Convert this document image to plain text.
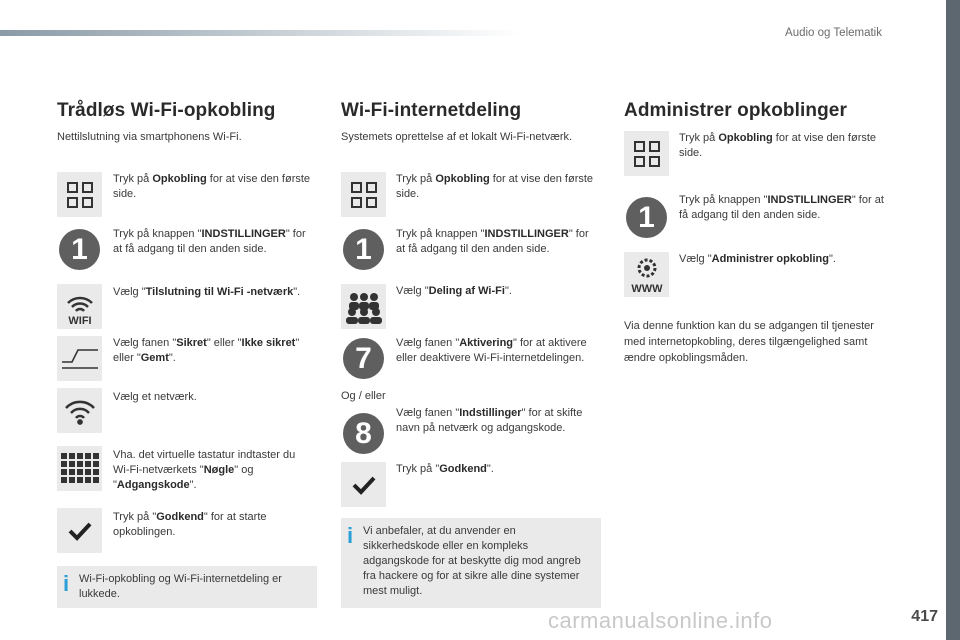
Audio og Telematik
Trådløs Wi-Fi-opkobling
Nettilslutning via smartphonens Wi-Fi.
Wi-Fi-internetdeling
Systemets oprettelse af et lokalt Wi-Fi-netværk.
Administrer opkoblinger
Tryk på Opkobling for at vise den første side.
1	Tryk på knappen "INDSTILLINGER" for at få adgang til den anden side.
WIFI
Vælg "Tilslutning til Wi-Fi -netværk".
Vælg fanen "Sikret" eller "Ikke sikret" eller "Gemt".
Vælg et netværk.
Vha. det virtuelle tastatur indtaster du Wi-Fi-netværkets "Nøgle" og "Adgangskode".
Tryk på "Godkend" for at starte opkoblingen.
Tryk på Opkobling for at vise den første side.
1	Tryk på knappen "INDSTILLINGER" for at få adgang til den anden side.
Vælg "Deling af Wi-Fi".
7	Vælg fanen "Aktivering" for at aktivere eller deaktivere Wi-Fi-internetdelingen.
8
Vælg fanen "Indstillinger" for at skifte navn på netværk og adgangskode.
Tryk på "Godkend".
Tryk på Opkobling for at vise den første side.
1
Tryk på knappen "INDSTILLINGER" for at få adgang til den anden side.
WWW
Vælg "Administrer opkobling".
i Wi-Fi-opkobling og Wi-Fi-internetdeling er lukkede.
Og / eller
i Vi anbefaler, at du anvender en sikkerhedskode eller en kompleks adgangskode for at beskytte dig mod angreb fra hackere og for at sikre alle dine systemer mest muligt.
Via denne funktion kan du se adgangen til tjenester med internetopkobling, deres tilgængelighed samt ændre opkoblingsmåden.
carmanualsonline.info	417
